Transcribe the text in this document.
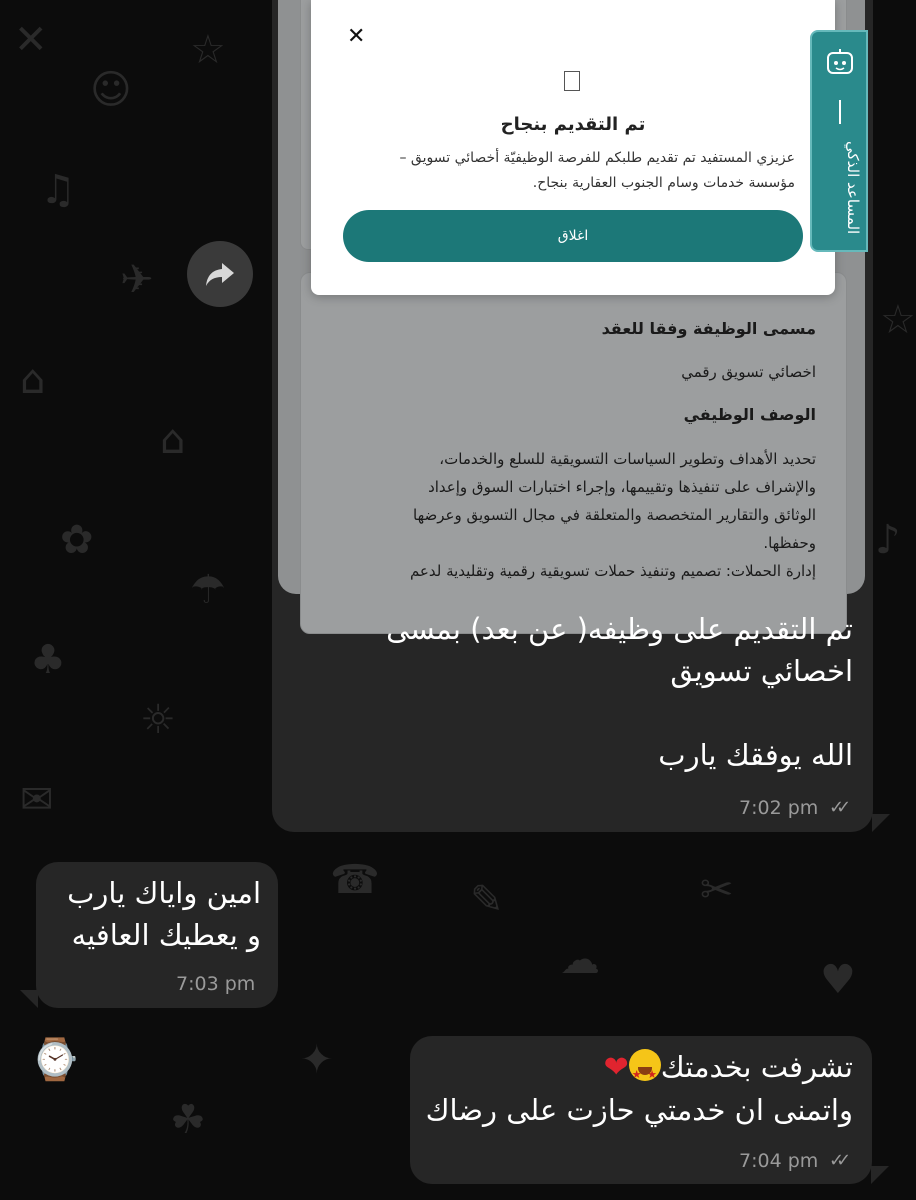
✕
☺
☆
♫
✈
⌂
⌂
✿
☂
♣
☼
✉
☎ ✎
☁
✂
♥
⌚
☘
✦
☆
♪
مسمى الوظيفة وفقا للعقد
اخصائي تسويق رقمي
الوصف الوظيفي
تحديد الأهداف وتطوير السياسات التسويقية للسلع والخدمات،
والإشراف على تنفيذها وتقييمها، وإجراء اختبارات السوق وإعداد
الوثائق والتقارير المتخصصة والمتعلقة في مجال التسويق وعرضها
وحفظها.
إدارة الحملات: تصميم وتنفيذ حملات تسويقية رقمية وتقليدية لدعم
✕
تم التقديم بنجاح
عزيزي المستفيد تم تقديم طلبكم للفرصة الوظيفيّة أخصائي تسويق –
مؤسسة خدمات وسام الجنوب العقارية بنجاح.
اغلاق
المساعد الذكي
تم التقديم على وظيفه( عن بعد) بمسى
اخصائي تسويق
الله يوفقك يارب
7:02 pm ✓✓
امين واياك يارب
و يعطيك العافيه
7:03 pm
تشرفت بخدمتك★ ★❤
واتمنى ان خدمتي حازت على رضاك
7:04 pm ✓✓
